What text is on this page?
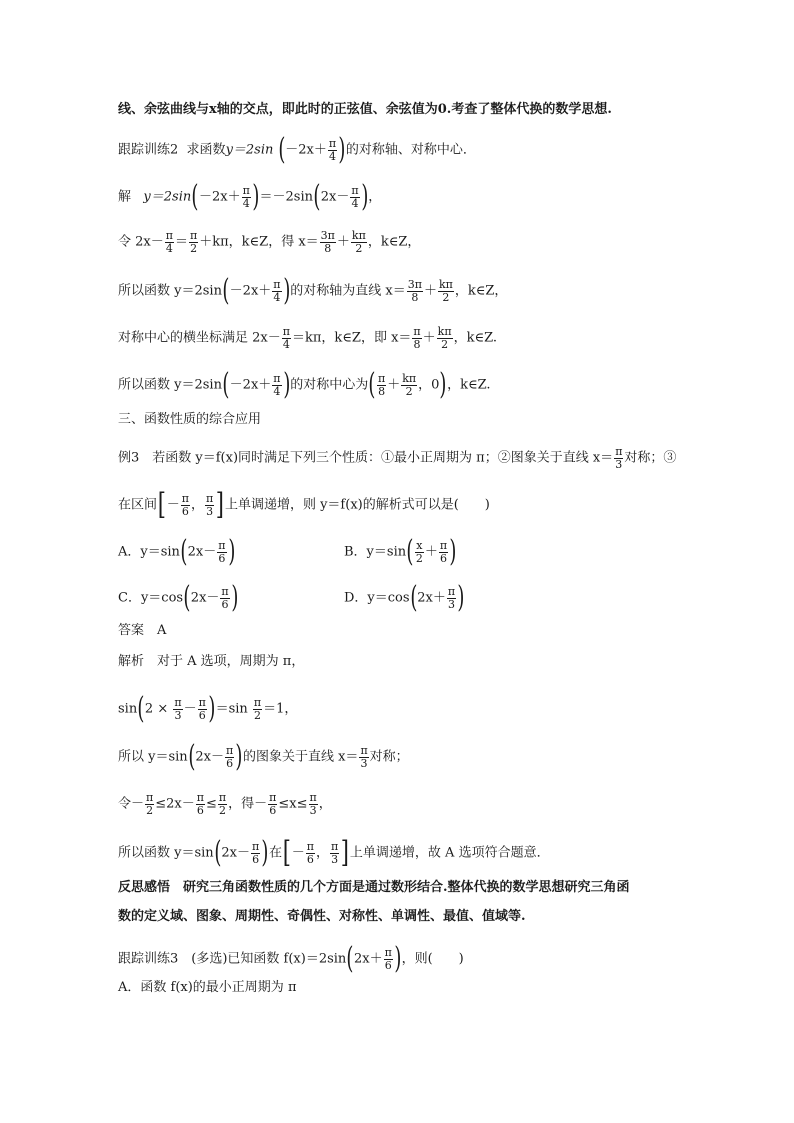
线、余弦曲线与x轴的交点，即此时的正弦值、余弦值为0.考查了整体代换的数学思想.
跟踪训练2 求函数y＝2sin ($-2x+ \frac{\pi}{4}$ )的对称轴、对称中心．
解 $y=2\sin(-2x+ \frac{\pi}{4} )=-2\sin(2x- \frac{\pi}{4}$ )，
令 $2x- \frac{\pi}{4} = \frac{\pi}{2} +k\pi$，k∈Z，得 $x= \frac{3\pi}{8} + \frac{k\pi}{2}$ ，k∈Z，
所以函数 $y=2\sin(-2x+ \frac{\pi}{4}$ )的对称轴为直线 $x= \frac{3\pi}{8} + \frac{k\pi}{2}$ ，k∈Z，
对称中心的横坐标满足 $2x- \frac{\pi}{4} =k\pi$，k∈Z，即 $x= \frac{\pi}{8} + \frac{k\pi}{2}$ ，k∈Z.
所以函数 $y=2\sin(-2x+ \frac{\pi}{4}$ )的对称中心为( $\frac{\pi}{8} + \frac{k\pi}{2}$ ，0)，k∈Z.
三、函数性质的综合应用
例3　若函数 y＝f(x)同时满足下列三个性质：①最小正周期为 π；②图象关于直线 $x= \frac{\pi}{3}$ 对称；③
在区间[－ $\frac{\pi}{6}$ ， $\frac{\pi}{3}$ ]上单调递增，则 y＝f(x)的解析式可以是(　　)
A．$y=\sin(2x- \frac{\pi}{6}$ )	B．$y=\sin( \frac{x}{2} + \frac{\pi}{6}$ )
C．$y=\cos(2x- \frac{\pi}{6}$ )	D．$y=\cos(2x+ \frac{\pi}{3}$ )
答案　A
解析　对于 A 选项，周期为 π，
$\sin(2 \times \frac{\pi}{3} - \frac{\pi}{6} )=\sin \frac{\pi}{2} =1$，
所以 $y=\sin(2x- \frac{\pi}{6}$ )的图象关于直线 $x= \frac{\pi}{3}$ 对称；
令－ $\frac{\pi}{2} \le 2x- \frac{\pi}{6} \le \frac{\pi}{2}$ ，得－ $\frac{\pi}{6} \le x\le \frac{\pi}{3}$ ，
所以函数 $y=\sin(2x- \frac{\pi}{6}$ )在[－ $\frac{\pi}{6}$ ， $\frac{\pi}{3}$ ]上单调递增，故 A 选项符合题意．
反思感悟　研究三角函数性质的几个方面是通过数形结合.整体代换的数学思想研究三角函
数的定义域、图象、周期性、奇偶性、对称性、单调性、最值、值域等.
跟踪训练3　(多选)已知函数 $f(x)=2\sin(2x+ \frac{\pi}{6}$ )，则(　　)
A．函数 f(x)的最小正周期为 π
